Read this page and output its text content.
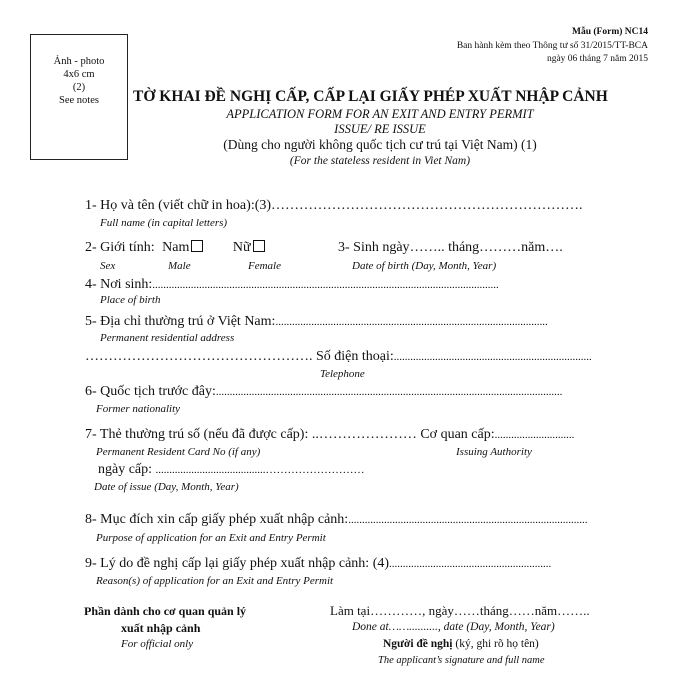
Ảnh - photo
4x6 cm
(2)
See notes
Mẫu (Form) NC14
Ban hành kèm theo Thông tư số 31/2015/TT-BCA
ngày 06 tháng 7 năm 2015
TỜ KHAI ĐỀ NGHỊ CẤP, CẤP LẠI GIẤY PHÉP XUẤT NHẬP CẢNH
APPLICATION FORM FOR AN EXIT AND ENTRY PERMIT
ISSUE/ RE ISSUE
(Dùng cho người không quốc tịch cư trú tại Việt Nam) (1)
(For the stateless resident in Viet Nam)
1- Họ và tên (viết chữ in hoa):(3)………………………………………………………….
Full name (in capital letters)
2- Giới tính: Nam	Nữ	3- Sinh ngày…….. tháng………năm….
Sex	Male	Female	Date of birth (Day, Month, Year)
4- Nơi sinh:..............................................................................................................................
Place of birth
5- Địa chỉ thường trú ở Việt Nam:...................................................................................................
Permanent residential address
…………………………………………. Số điện thoại:........................................................................
Telephone
6- Quốc tịch trước đây:..............................................................................................................................
Former nationality
7- Thẻ thường trú số (nếu đã được cấp): ..………………… Cơ quan cấp:.............................
Permanent Resident Card No (if any)	Issuing Authority
ngày cấp: ........................................………………………
Date of issue (Day, Month, Year)
8- Mục đích xin cấp giấy phép xuất nhập cảnh:.......................................................................................
Purpose of application for an Exit and Entry Permit
9- Lý do đề nghị cấp lại giấy phép xuất nhập cảnh: (4)...........................................................
Reason(s) of application for an Exit and Entry Permit
Phần dành cho cơ quan quản lý
xuất nhập cảnh
For official only
Làm tại…………, ngày……tháng……năm……..
Done at…….........., date (Day, Month, Year)
Người đề nghị (ký, ghi rõ họ tên)
The applicant’s signature and full name
